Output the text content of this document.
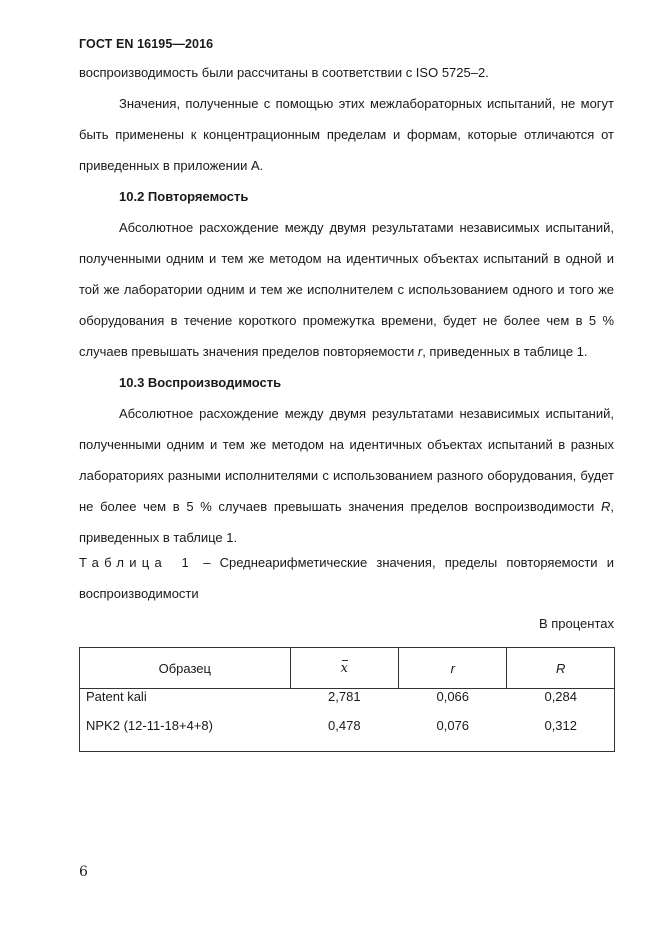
ГОСТ EN 16195—2016

воспроизводимость были рассчитаны в соответствии с ISO 5725–2.

Значения, полученные с помощью этих межлабораторных испытаний, не могут быть применены к концентрационным пределам и формам, которые отличаются от приведенных в приложении А.

10.2 Повторяемость

Абсолютное расхождение между двумя результатами независимых испытаний, полученными одним и тем же методом на идентичных объектах испытаний в одной и той же лаборатории одним и тем же исполнителем с использованием одного и того же оборудования в течение короткого промежутка времени, будет не более чем в 5 % случаев превышать значения пределов повторяемости r, приведенных в таблице 1.

10.3 Воспроизводимость

Абсолютное расхождение между двумя результатами независимых испытаний, полученными одним и тем же методом на идентичных объектах испытаний в разных лабораториях разными исполнителями с использованием разного оборудования, будет не более чем в 5 % случаев превышать значения пределов воспроизводимости R, приведенных в таблице 1.

Таблица 1 – Среднеарифметические значения, пределы повторяемости и воспроизводимости

В процентах
Образец	x	r	R
Patent kali	2,781	0,066	0,284
NPK2 (12-11-18+4+8)	0,478	0,076	0,312
6
